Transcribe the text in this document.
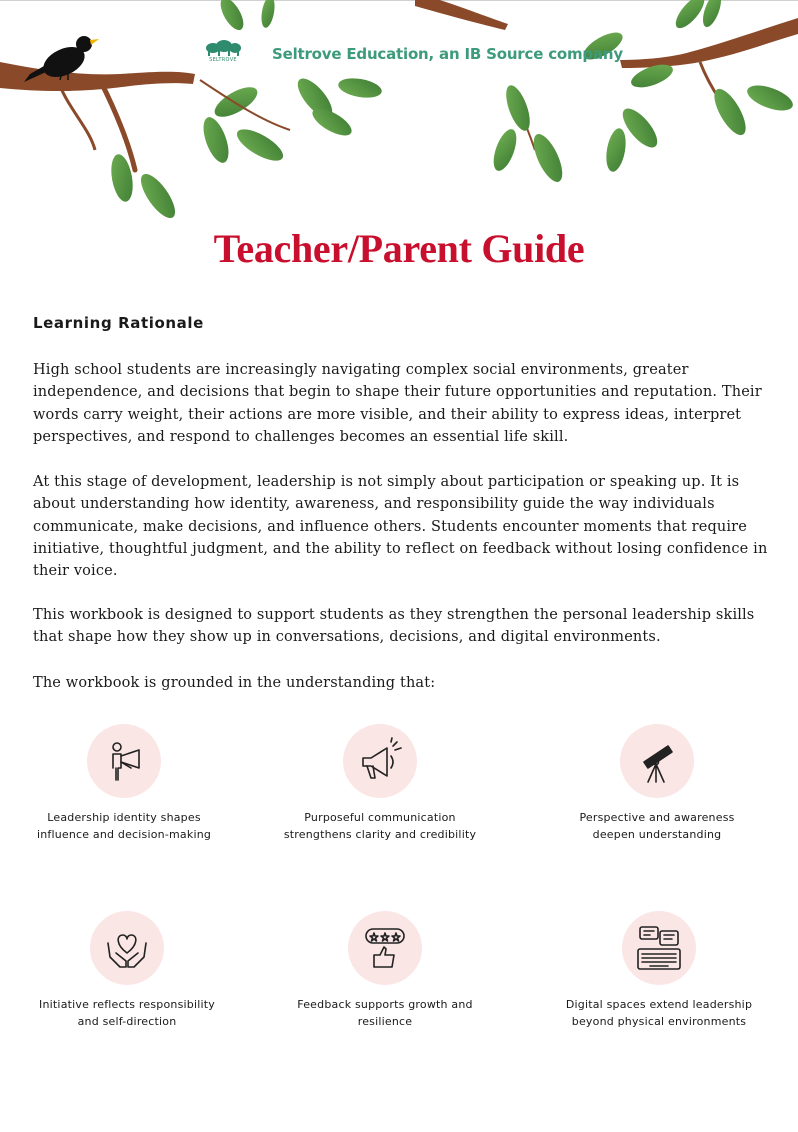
SELTROVE	Seltrove Education, an IB Source company
Teacher/Parent Guide
Learning Rationale

High school students are increasingly navigating complex social environments, greater independence, and decisions that begin to shape their future opportunities and reputation. Their words carry weight, their actions are more visible, and their ability to express ideas, interpret perspectives, and respond to challenges becomes an essential life skill.

At this stage of development, leadership is not simply about participation or speaking up. It is about understanding how identity, awareness, and responsibility guide the way individuals communicate, make decisions, and influence others. Students encounter moments that require initiative, thoughtful judgment, and the ability to reflect on feedback without losing confidence in their voice.

This workbook is designed to support students as they strengthen the personal leadership skills that shape how they show up in conversations, decisions, and digital environments.

The workbook is grounded in the understanding that:

Leadership identity shapes influence and decision-making
Purposeful communication strengthens clarity and credibility
Perspective and awareness deepen understanding
Initiative reflects responsibility and self-direction
Feedback supports growth and resilience
Digital spaces extend leadership beyond physical environments
